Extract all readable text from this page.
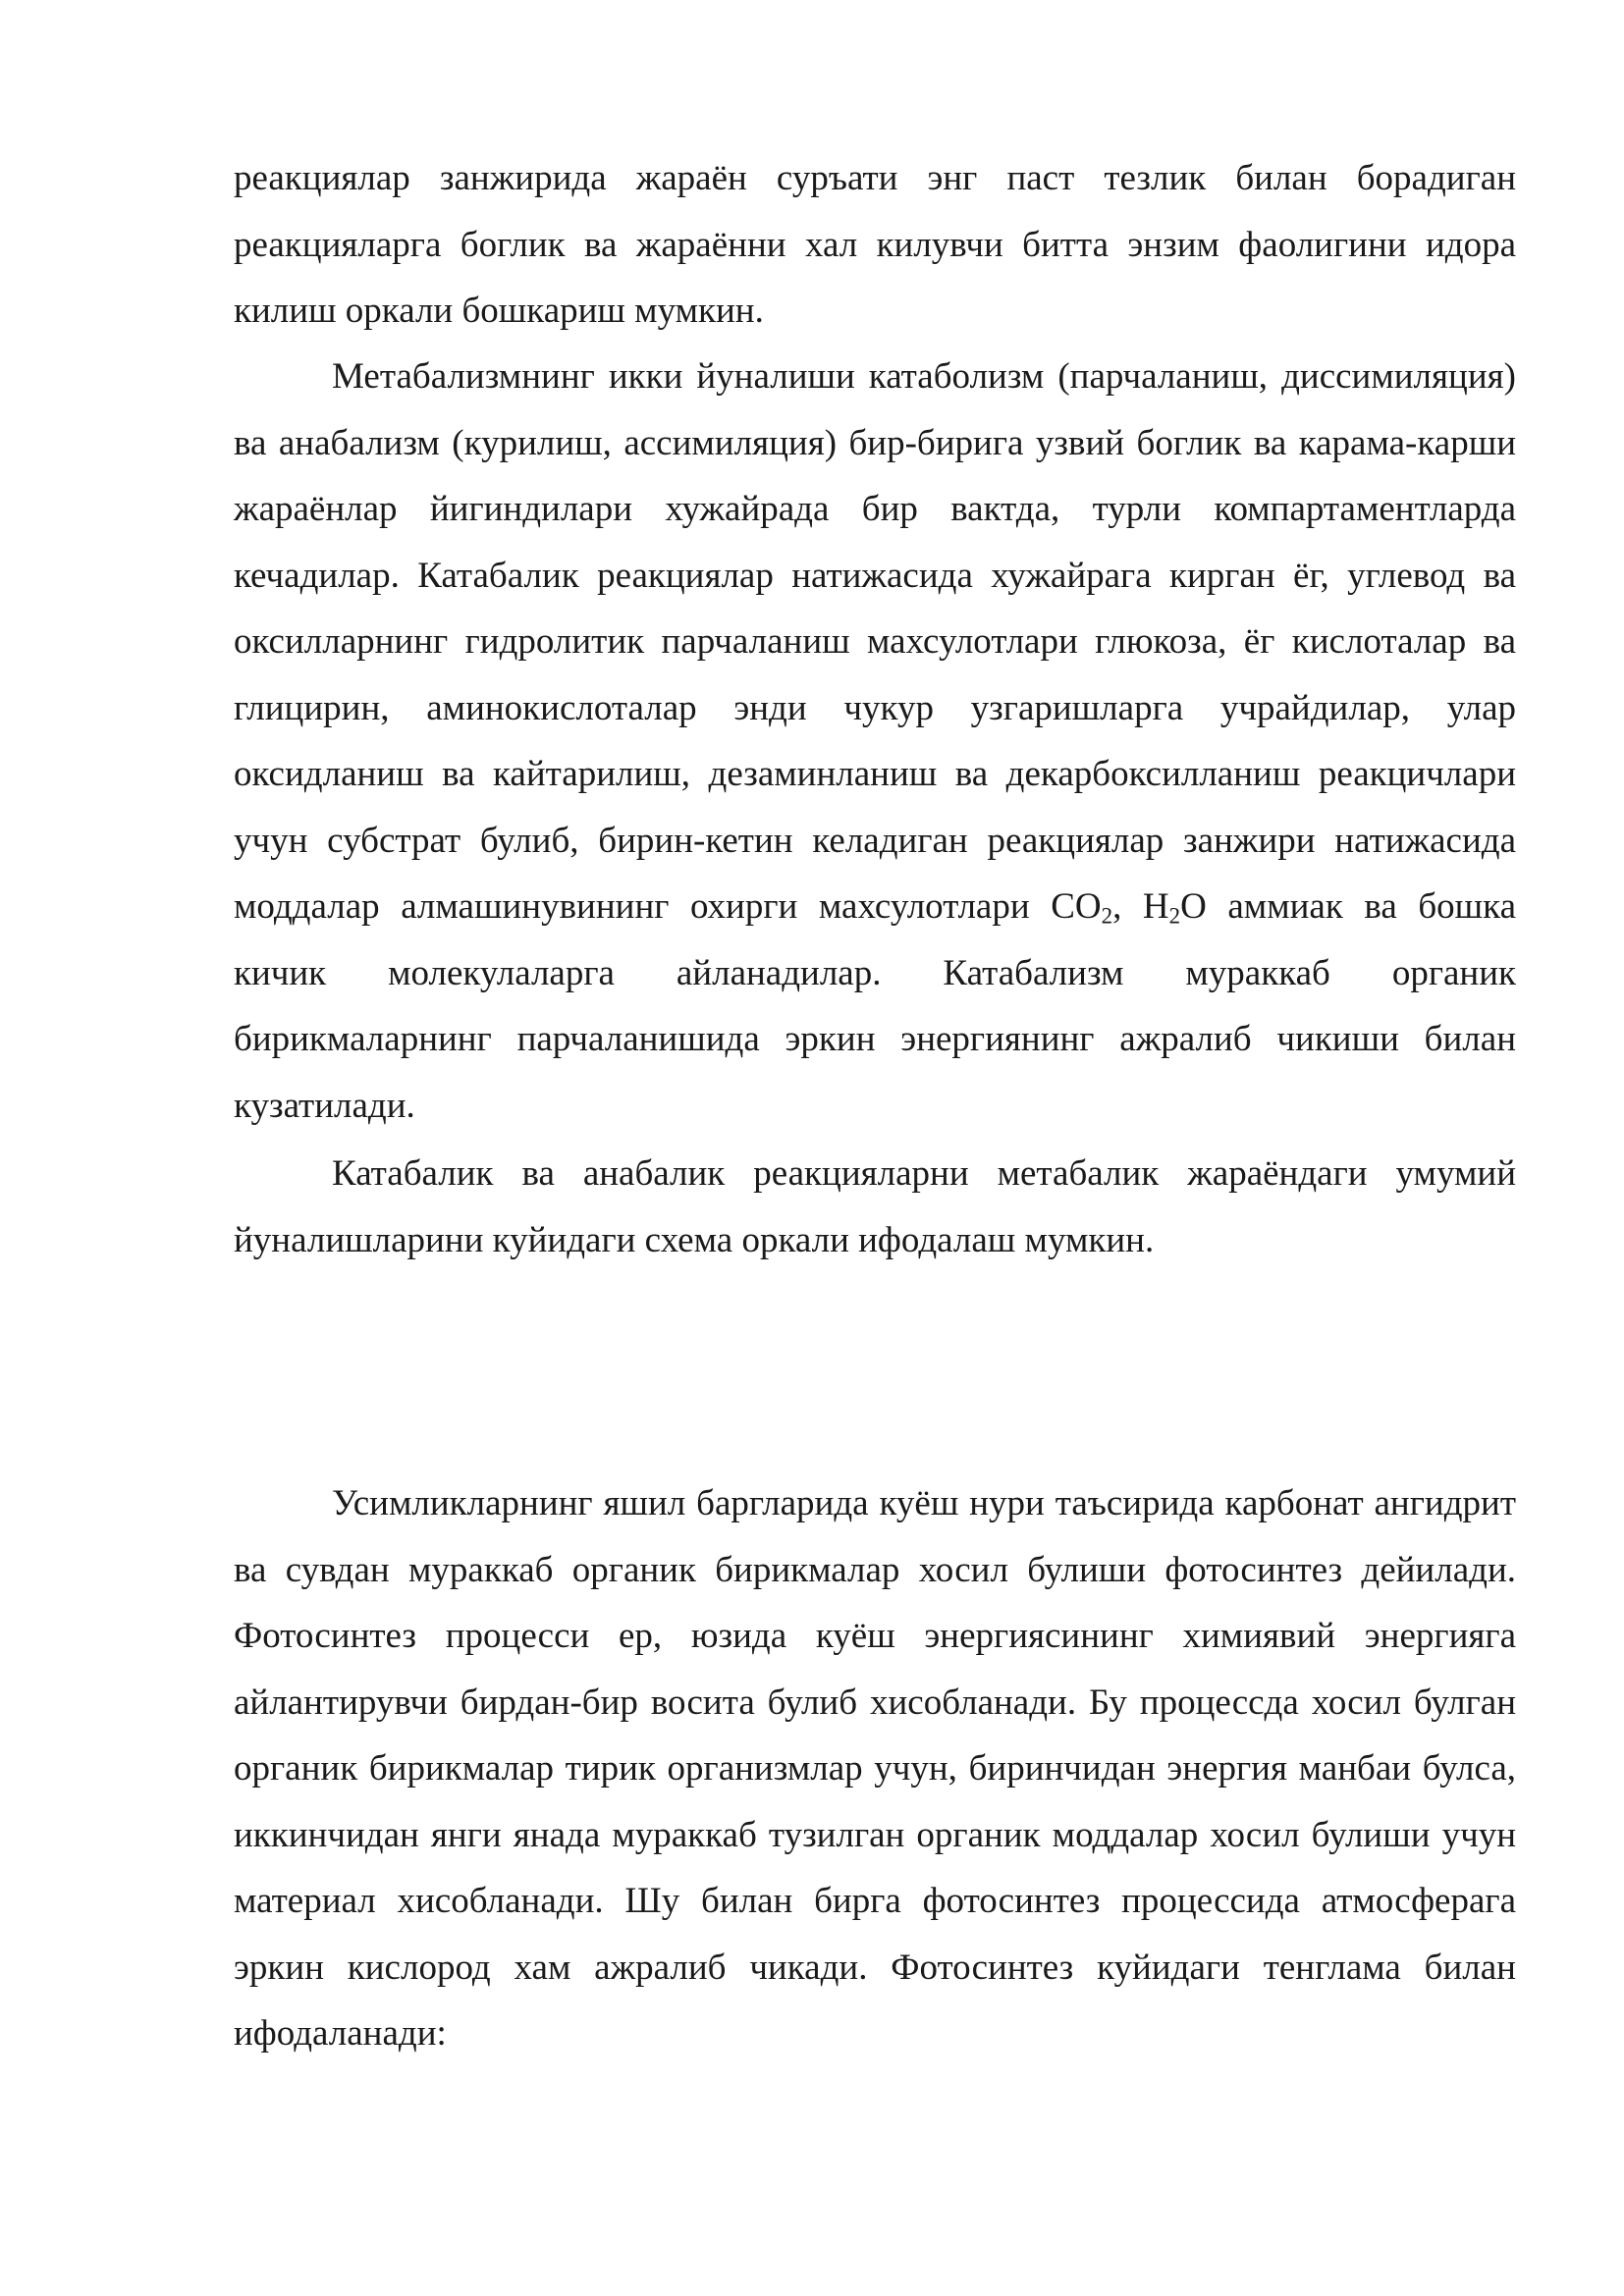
реакциялар занжирида жараён суръати энг паст тезлик билан борадиган реакцияларга боглик ва жараённи хал килувчи битта энзим фаолигини идора килиш оркали бошкариш мумкин.

Метабализмнинг икки йуналиши катаболизм (парчаланиш, диссимиляция) ва анабализм (курилиш, ассимиляция) бир-бирига узвий боглик ва карама-карши жараёнлар йигиндилари хужайрада бир вактда, турли компартаментларда кечадилар. Катабалик реакциялар натижасида хужайрага кирган ёг, углевод ва оксилларнинг гидролитик парчаланиш махсулотлари глюкоза, ёг кислоталар ва глицирин, аминокислоталар энди чукур узгаришларга учрайдилар, улар оксидланиш ва кайтарилиш, дезаминланиш ва декарбоксилланиш реакцичлари учун субстрат булиб, бирин-кетин келадиган реакциялар занжири натижасида моддалар алмашинувининг охирги махсулотлари $CO_2$, $H_2O$ аммиак ва бошка кичик молекулаларга айланадилар. Катабализм мураккаб органик бирикмаларнинг парчаланишида эркин энергиянинг ажралиб чикиши билан кузатилади.

Катабалик ва анабалик реакцияларни метабалик жараёндаги умумий йуналишларини куйидаги схема оркали ифодалаш мумкин.

Усимликларнинг яшил баргларида куёш нури таъсирида карбонат ангидрит ва сувдан мураккаб органик бирикмалар хосил булиши фотосинтез дейилади. Фотосинтез процесси ер, юзида куёш энергиясининг химиявий энергияга айлантирувчи бирдан-бир восита булиб хисобланади. Бу процессда хосил булган органик бирикмалар тирик организмлар учун, биринчидан энергия манбаи булса, иккинчидан янги янада мураккаб тузилган органик моддалар хосил булиши учун материал хисобланади. Шу билан бирга фотосинтез процессида атмосферага эркин кислород хам ажралиб чикади. Фотосинтез куйидаги тенглама билан ифодаланади:
